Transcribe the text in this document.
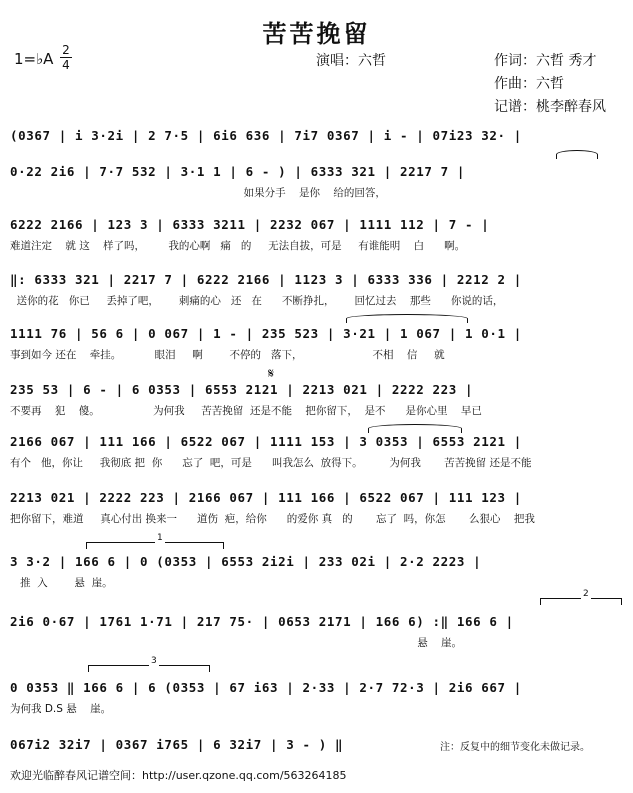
苦苦挽留
1=♭A 2
4	演唱：六哲	作词：六哲 秀才
作曲：六哲
记谱：桃李醉春风
(0367 | i 3·2i | 2 7·5 | 6i6 636 | 7i7 0367 | i - | 07i23 32· |
0·22 2i6 | 7·7 532 | 3·1 1 | 6 - ) | 6333 321 | 2217 7 |
如果分手    是你    给的回答，
6222 2166 | 123 3 | 6333 3211 | 2232 067 | 1111 112 | 7 - |
难道注定    就 这    样了吗，       我的心啊   痛   的     无法自拔，可是     有谁能明    白      啊。
‖: 6333 321 | 2217 7 | 6222 2166 | 1123 3 | 6333 336 | 2212 2 |
送你的花   你已     丢掉了吧，      刺痛的心   还   在      不断挣扎，      回忆过去    那些      你说的话，
1111 76 | 56 6 | 0 067 | 1 - | 235 523 | 3·21 | 1 067 | 1 0·1 |
事到如今 还在    牵挂。          眼泪     啊        不停的   落下，                     不相    信     就
235 53 | 6 - | 6 0353 | 6553 2121 | 2213 021 | 2222 223 |
不要再    犯    傻。                为何我     苦苦挽留  还是不能    把你留下，  是不      是你心里    早已
2166 067 | 111 166 | 6522 067 | 1111 153 | 3 0353 | 6553 2121 |
有个   他，你让     我彻底 把  你      忘了  吧，可是      叫我怎么  放得下。        为何我       苦苦挽留 还是不能
2213 021 | 2222 223 | 2166 067 | 111 166 | 6522 067 | 111 123 |
把你留下，难道     真心付出 换来一      道伤  疤，给你      的爱你 真   的       忘了  吗，你怎       么狠心    把我
3 3·2 | 166 6 | 0 (0353 | 6553 2i2i | 233 02i | 2·2 2223 |
推  入        悬  崖。
2i6 0·67 | 1761 1·71 | 217 75· | 0653 2171 | 166 6) :‖ 166 6 |
悬    崖。
0 0353 ‖ 166 6 | 6 (0353 | 67 i63 | 2·33 | 2·7 72·3 | 2i6 667 |
为何我 D.S 悬    崖。
067i2 32i7 | 0367 i765 | 6 32i7 | 3 - ) ‖
1
2
3
𝄋
注：反复中的细节变化未做记录。
欢迎光临醉春风记谱空间：http://user.qzone.qq.com/563264185
